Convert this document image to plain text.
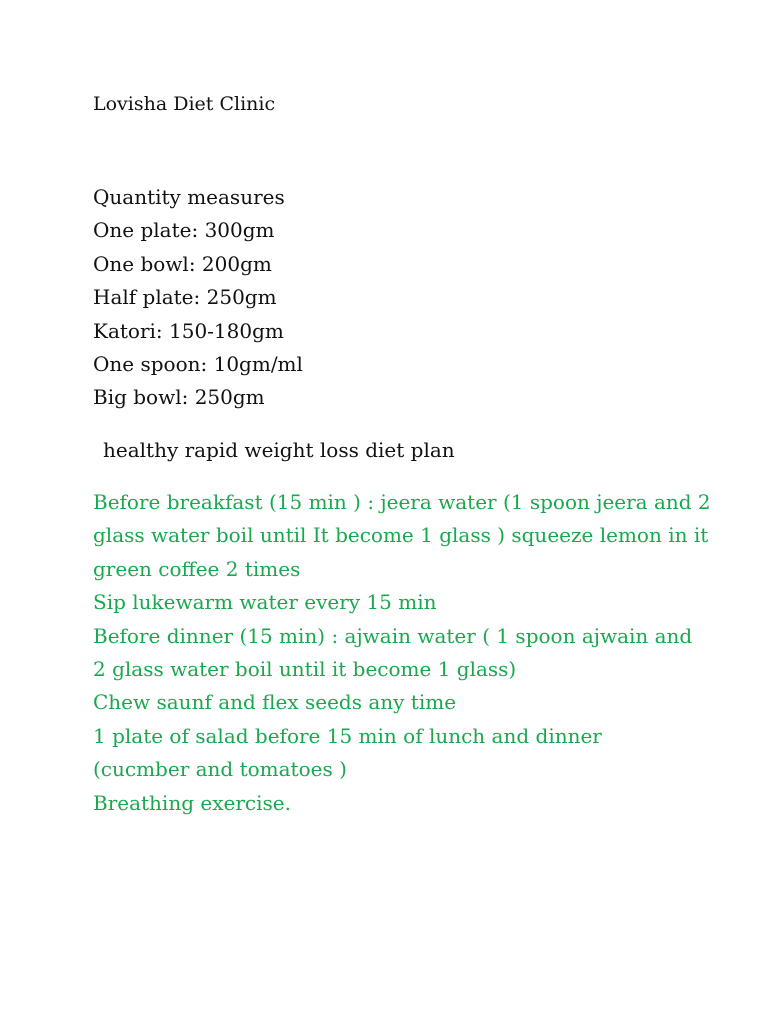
Lovisha Diet Clinic
Quantity measures
One plate: 300gm
One bowl: 200gm
Half plate: 250gm
Katori: 150-180gm
One spoon: 10gm/ml
Big bowl: 250gm
healthy rapid weight loss diet plan
Before breakfast (15 min ) : jeera water (1 spoon jeera and 2
glass water boil until It become 1 glass ) squeeze lemon in it
green coffee 2 times
Sip lukewarm water every 15 min
Before dinner (15 min) : ajwain water ( 1 spoon ajwain and
2 glass water boil until it become 1 glass)
Chew saunf and flex seeds any time
1 plate of salad before 15 min of lunch and dinner
(cucmber and tomatoes )
Breathing exercise.
